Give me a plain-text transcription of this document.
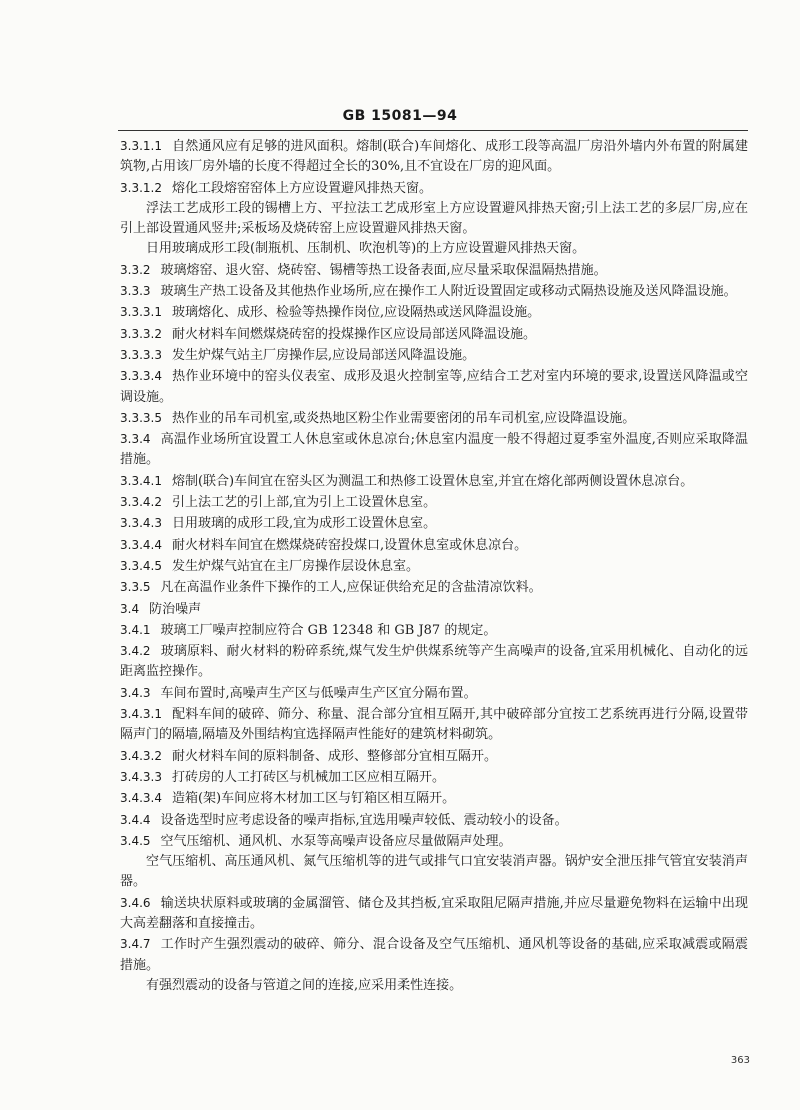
GB 15081—94

3.3.1.1 自然通风应有足够的进风面积。熔制(联合)车间熔化、成形工段等高温厂房沿外墙内外布置的附属建筑物,占用该厂房外墙的长度不得超过全长的30%,且不宜设在厂房的迎风面。

3.3.1.2 熔化工段熔窑窑体上方应设置避风排热天窗。

浮法工艺成形工段的锡槽上方、平拉法工艺成形室上方应设置避风排热天窗;引上法工艺的多层厂房,应在引上部设置通风竖井;采板场及烧砖窑上应设置避风排热天窗。

日用玻璃成形工段(制瓶机、压制机、吹泡机等)的上方应设置避风排热天窗。

3.3.2 玻璃熔窑、退火窑、烧砖窑、锡槽等热工设备表面,应尽量采取保温隔热措施。

3.3.3 玻璃生产热工设备及其他热作业场所,应在操作工人附近设置固定或移动式隔热设施及送风降温设施。

3.3.3.1 玻璃熔化、成形、检验等热操作岗位,应设隔热或送风降温设施。

3.3.3.2 耐火材料车间燃煤烧砖窑的投煤操作区应设局部送风降温设施。

3.3.3.3 发生炉煤气站主厂房操作层,应设局部送风降温设施。

3.3.3.4 热作业环境中的窑头仪表室、成形及退火控制室等,应结合工艺对室内环境的要求,设置送风降温或空调设施。

3.3.3.5 热作业的吊车司机室,或炎热地区粉尘作业需要密闭的吊车司机室,应设降温设施。

3.3.4 高温作业场所宜设置工人休息室或休息凉台;休息室内温度一般不得超过夏季室外温度,否则应采取降温措施。

3.3.4.1 熔制(联合)车间宜在窑头区为测温工和热修工设置休息室,并宜在熔化部两侧设置休息凉台。

3.3.4.2 引上法工艺的引上部,宜为引上工设置休息室。

3.3.4.3 日用玻璃的成形工段,宜为成形工设置休息室。

3.3.4.4 耐火材料车间宜在燃煤烧砖窑投煤口,设置休息室或休息凉台。

3.3.4.5 发生炉煤气站宜在主厂房操作层设休息室。

3.3.5 凡在高温作业条件下操作的工人,应保证供给充足的含盐清凉饮料。

3.4 防治噪声

3.4.1 玻璃工厂噪声控制应符合 GB 12348 和 GB J87 的规定。

3.4.2 玻璃原料、耐火材料的粉碎系统,煤气发生炉供煤系统等产生高噪声的设备,宜采用机械化、自动化的远距离监控操作。

3.4.3 车间布置时,高噪声生产区与低噪声生产区宜分隔布置。

3.4.3.1 配料车间的破碎、筛分、称量、混合部分宜相互隔开,其中破碎部分宜按工艺系统再进行分隔,设置带隔声门的隔墙,隔墙及外围结构宜选择隔声性能好的建筑材料砌筑。

3.4.3.2 耐火材料车间的原料制备、成形、整修部分宜相互隔开。

3.4.3.3 打砖房的人工打砖区与机械加工区应相互隔开。

3.4.3.4 造箱(架)车间应将木材加工区与钉箱区相互隔开。

3.4.4 设备选型时应考虑设备的噪声指标,宜选用噪声较低、震动较小的设备。

3.4.5 空气压缩机、通风机、水泵等高噪声设备应尽量做隔声处理。

空气压缩机、高压通风机、氮气压缩机等的进气或排气口宜安装消声器。锅炉安全泄压排气管宜安装消声器。

3.4.6 输送块状原料或玻璃的金属溜管、储仓及其挡板,宜采取阻尼隔声措施,并应尽量避免物料在运输中出现大高差翻落和直接撞击。

3.4.7 工作时产生强烈震动的破碎、筛分、混合设备及空气压缩机、通风机等设备的基础,应采取减震或隔震措施。

有强烈震动的设备与管道之间的连接,应采用柔性连接。

363
